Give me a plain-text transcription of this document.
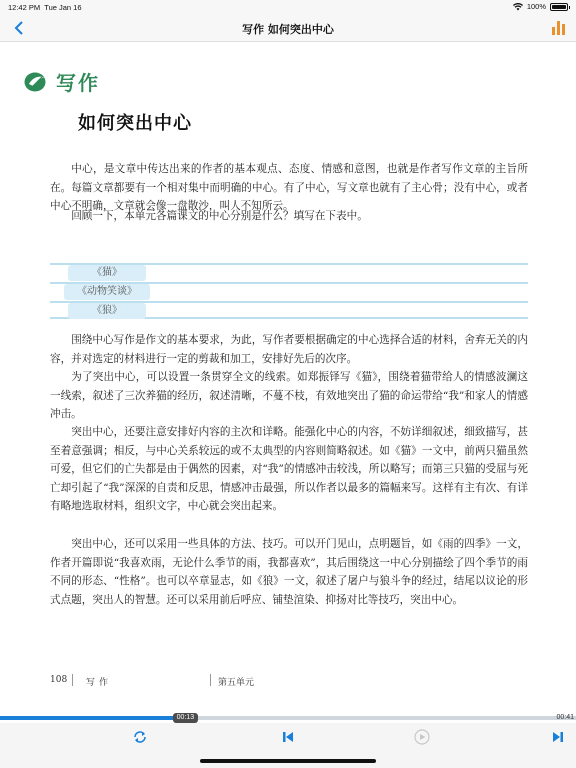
12:42 PM Tue Jan 16	100%
写作 如何突出中心
写作
如何突出中心

中心，是文章中传达出来的作者的基本观点、态度、情感和意图，也就是作者写作文章的主旨所在。每篇文章都要有一个相对集中而明确的中心。有了中心，写文章也就有了主心骨；没有中心，或者中心不明确，文章就会像一盘散沙，叫人不知所云。

回顾一下，本单元各篇课文的中心分别是什么？填写在下表中。

《猫》
《动物笑谈》
《狼》

围绕中心写作是作文的基本要求，为此，写作者要根据确定的中心选择合适的材料，舍弃无关的内容，并对选定的材料进行一定的剪裁和加工，安排好先后的次序。

为了突出中心，可以设置一条贯穿全文的线索。如郑振铎写《猫》，围绕着猫带给人的情感波澜这一线索，叙述了三次养猫的经历，叙述清晰，不蔓不枝，有效地突出了猫的命运带给“我”和家人的情感冲击。

突出中心，还要注意安排好内容的主次和详略。能强化中心的内容，不妨详细叙述，细致描写，甚至着意强调；相反，与中心关系较远的或不太典型的内容则简略叙述。如《猫》一文中，前两只猫虽然可爱，但它们的亡失都是由于偶然的因素，对“我”的情感冲击较浅，所以略写；而第三只猫的受屈与死亡却引起了“我”深深的自责和反思，情感冲击最强，所以作者以最多的篇幅来写。这样有主有次、有详有略地选取材料，组织文字，中心就会突出起来。

突出中心，还可以采用一些具体的方法、技巧。可以开门见山，点明题旨，如《雨的四季》一文，作者开篇即说“我喜欢雨，无论什么季节的雨，我都喜欢”，其后围绕这一中心分别描绘了四个季节的雨不同的形态、“性格”。也可以卒章显志，如《狼》一文，叙述了屠户与狼斗争的经过，结尾以议论的形式点题，突出人的智慧。还可以采用前后呼应、铺垫渲染、抑扬对比等技巧，突出中心。

108 写作	第五单元
00:13	00:41
